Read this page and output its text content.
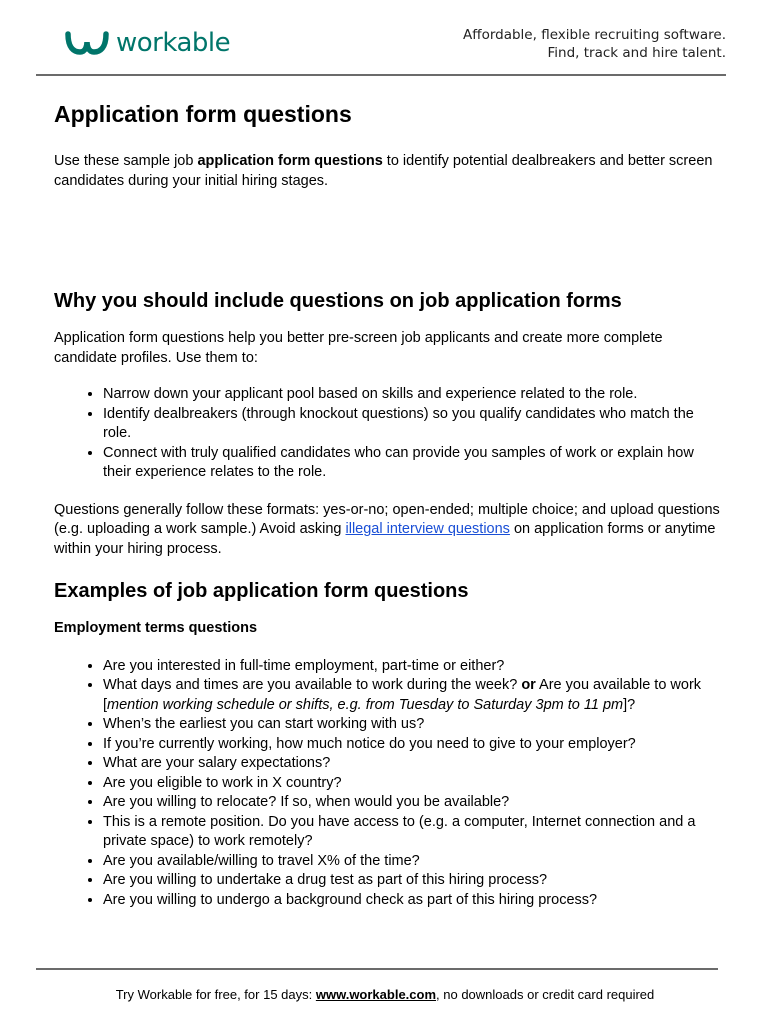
workable	Affordable, flexible recruiting software.
Find, track and hire talent.
Application form questions

Use these sample job application form questions to identify potential dealbreakers and better screen candidates during your initial hiring stages.

Why you should include questions on job application forms

Application form questions help you better pre-screen job applicants and create more complete candidate profiles. Use them to:

• Narrow down your applicant pool based on skills and experience related to the role.
• Identify dealbreakers (through knockout questions) so you qualify candidates who match the role.
• Connect with truly qualified candidates who can provide you samples of work or explain how their experience relates to the role.

Questions generally follow these formats: yes-or-no; open-ended; multiple choice; and upload questions (e.g. uploading a work sample.) Avoid asking illegal interview questions on application forms or anytime within your hiring process.

Examples of job application form questions

Employment terms questions

• Are you interested in full-time employment, part-time or either?
• What days and times are you available to work during the week? or Are you available to work [mention working schedule or shifts, e.g. from Tuesday to Saturday 3pm to 11 pm]?
• When’s the earliest you can start working with us?
• If you’re currently working, how much notice do you need to give to your employer?
• What are your salary expectations?
• Are you eligible to work in X country?
• Are you willing to relocate? If so, when would you be available?
• This is a remote position. Do you have access to (e.g. a computer, Internet connection and a private space) to work remotely?
• Are you available/willing to travel X% of the time?
• Are you willing to undertake a drug test as part of this hiring process?
• Are you willing to undergo a background check as part of this hiring process?
Try Workable for free, for 15 days: www.workable.com, no downloads or credit card required
